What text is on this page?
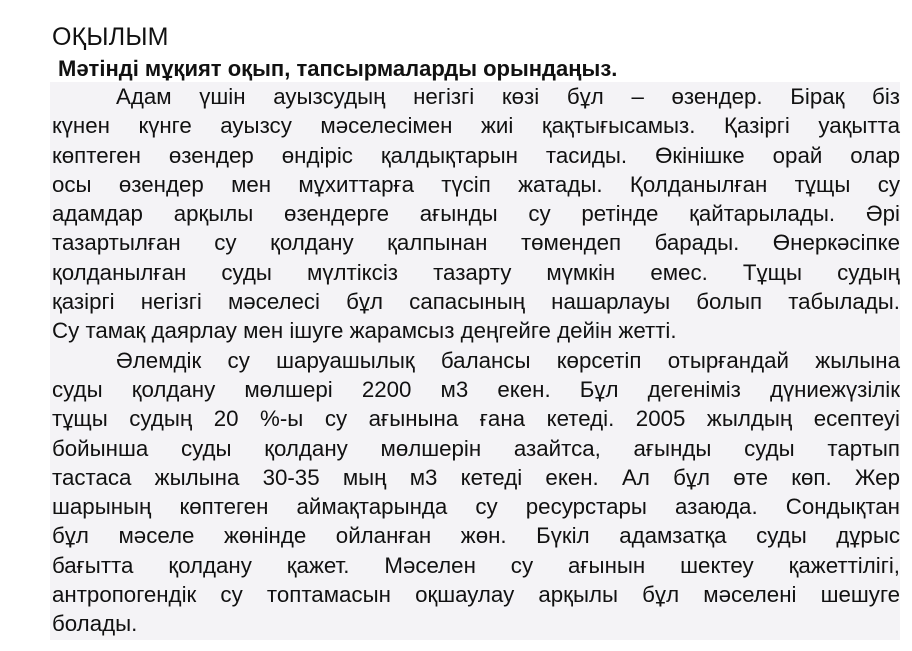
ОҚЫЛЫМ
Мәтінді мұқият оқып, тапсырмаларды орындаңыз.
Адам үшін ауызсудың негізгі көзі бұл – өзендер. Бірақ біз
күнен күнге ауызсу мәселесімен жиі қақтығысамыз. Қазіргі уақытта
көптеген өзендер өндіріс қалдықтарын тасиды. Өкінішке орай олар
осы өзендер мен мұхиттарға түсіп жатады. Қолданылған тұщы су
адамдар арқылы өзендерге ағынды су ретінде қайтарылады. Әрі
тазартылған су қолдану қалпынан төмендеп барады. Өнеркәсіпке
қолданылған суды мүлтіксіз тазарту мүмкін емес. Тұщы судың
қазіргі негізгі мәселесі бұл сапасының нашарлауы болып табылады.
Су тамақ даярлау мен ішуге жарамсыз деңгейге дейін жетті.
Әлемдік су шаруашылық балансы көрсетіп отырғандай жылына
суды қолдану мөлшері 2200 м3 екен. Бұл дегеніміз дүниежүзілік
тұщы судың 20 %-ы су ағынына ғана кетеді. 2005 жылдың есептеуі
бойынша суды қолдану мөлшерін азайтса, ағынды суды тартып
тастаса жылына 30-35 мың м3 кетеді екен. Ал бұл өте көп. Жер
шарының көптеген аймақтарында су ресурстары азаюда. Сондықтан
бұл мәселе жөнінде ойланған жөн. Бүкіл адамзатқа суды дұрыс
бағытта қолдану қажет. Мәселен су ағынын шектеу қажеттілігі,
антропогендік су топтамасын оқшаулау арқылы бұл мәселені шешуге
болады.
